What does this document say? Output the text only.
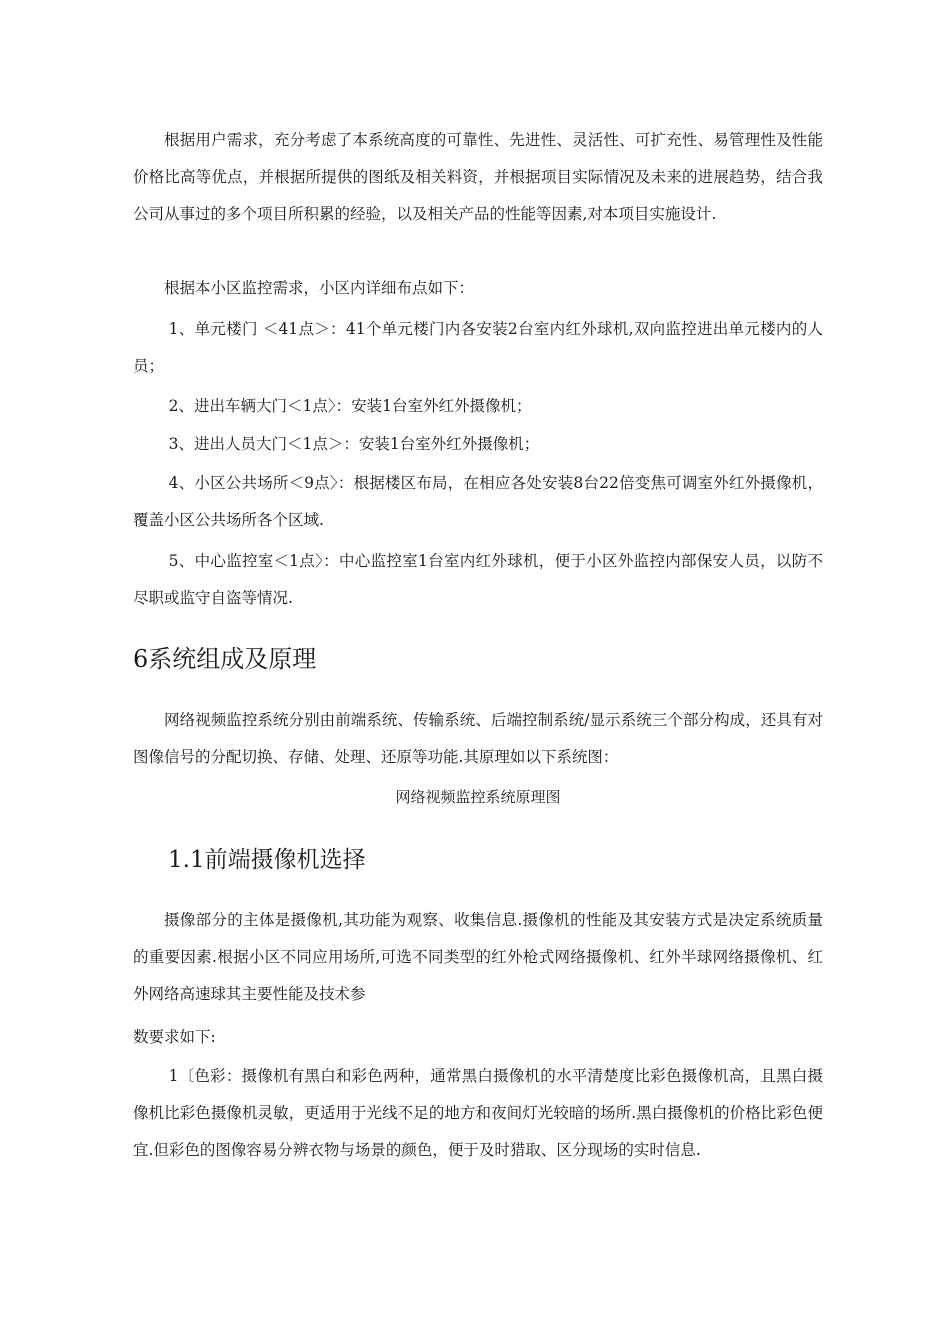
根据用户需求，充分考虑了本系统高度的可靠性、先进性、灵活性、可扩充性、易管理性及性能价格比高等优点，并根据所提供的图纸及相关料资，并根据项目实际情况及未来的进展趋势，结合我公司从事过的多个项目所积累的经验，以及相关产品的性能等因素,对本项目实施设计.

根据本小区监控需求，小区内详细布点如下：

1、单元楼门 ＜41点＞：41个单元楼门内各安装2台室内红外球机,双向监控进出单元楼内的人员；

2、进出车辆大门＜1点〉：安装1台室外红外摄像机；

3、进出人员大门＜1点＞：安装1台室外红外摄像机；

4、小区公共场所＜9点〉：根据楼区布局，在相应各处安装8台22倍变焦可调室外红外摄像机，覆盖小区公共场所各个区域.

5、中心监控室＜1点〉：中心监控室1台室内红外球机，便于小区外监控内部保安人员，以防不尽职或监守自盗等情况.

6系统组成及原理

网络视频监控系统分别由前端系统、传输系统、后端控制系统/显示系统三个部分构成，还具有对图像信号的分配切换、存储、处理、还原等功能.其原理如以下系统图：

网络视频监控系统原理图

1.1前端摄像机选择

摄像部分的主体是摄像机,其功能为观察、收集信息.摄像机的性能及其安装方式是决定系统质量的重要因素.根据小区不同应用场所,可选不同类型的红外枪式网络摄像机、红外半球网络摄像机、红外网络高速球其主要性能及技术参

数要求如下:

1〔色彩：摄像机有黑白和彩色两种，通常黑白摄像机的水平清楚度比彩色摄像机高，且黑白摄像机比彩色摄像机灵敏，更适用于光线不足的地方和夜间灯光较暗的场所.黑白摄像机的价格比彩色便宜.但彩色的图像容易分辨衣物与场景的颜色，便于及时猎取、区分现场的实时信息.
